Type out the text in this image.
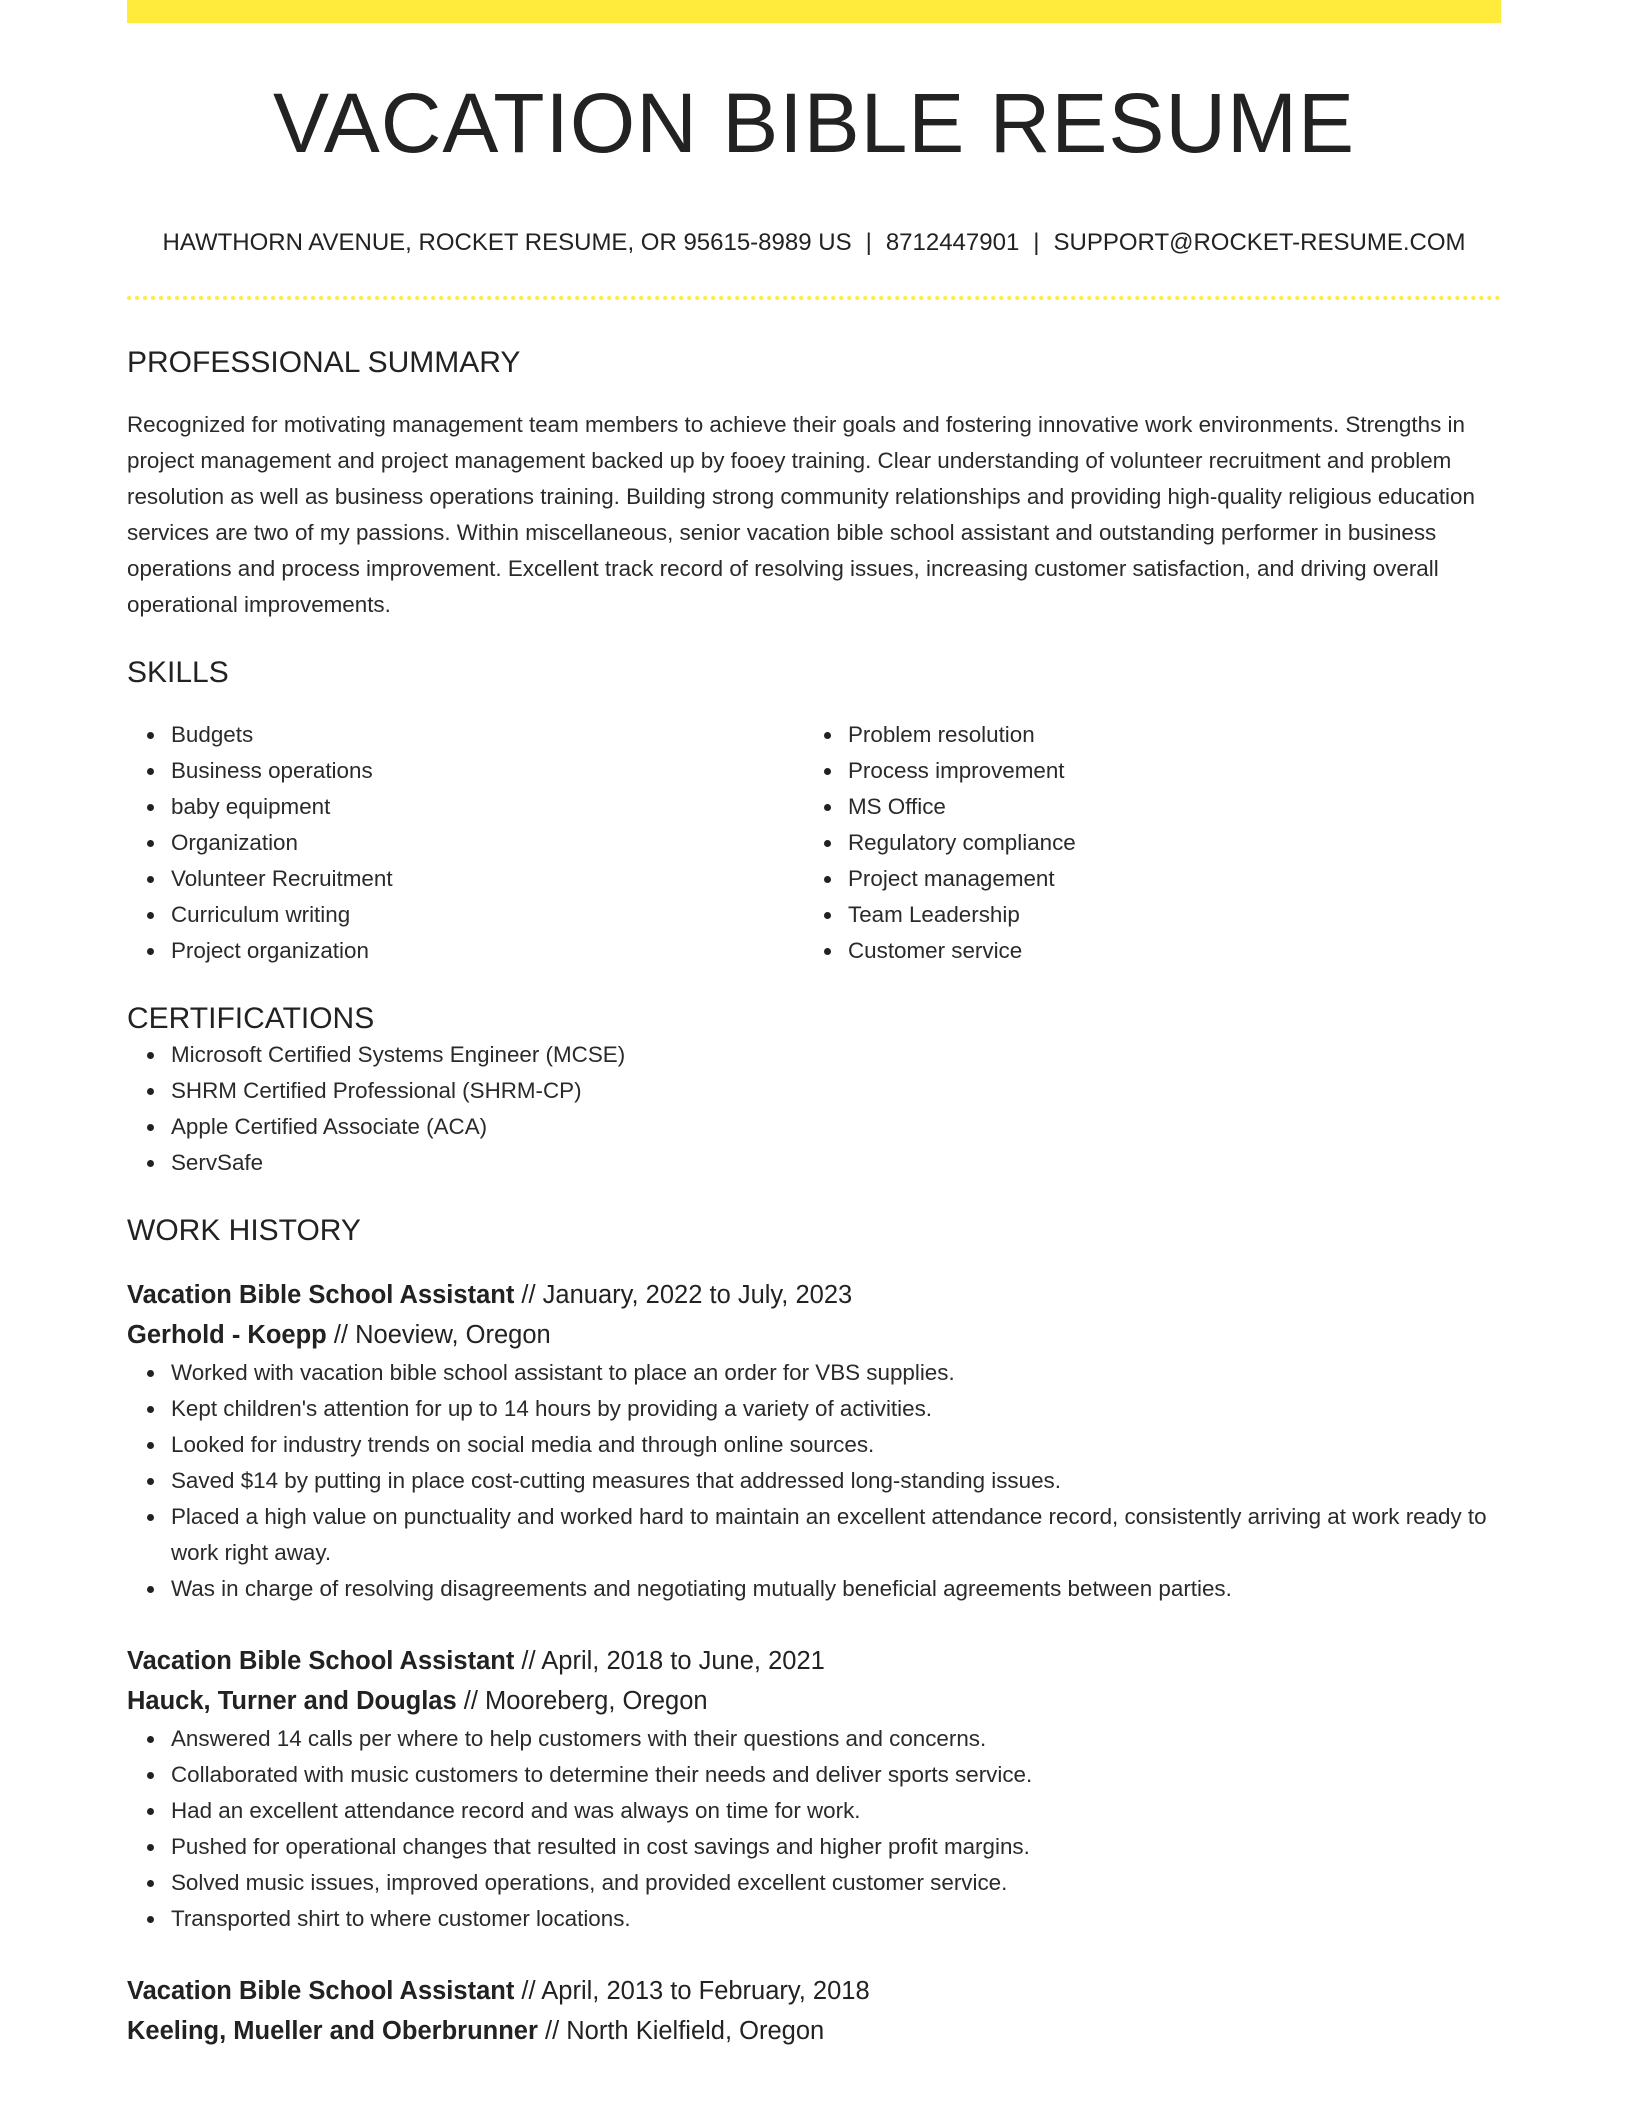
VACATION BIBLE RESUME
HAWTHORN AVENUE, ROCKET RESUME, OR 95615-8989 US | 8712447901 | SUPPORT@ROCKET-RESUME.COM
PROFESSIONAL SUMMARY
Recognized for motivating management team members to achieve their goals and fostering innovative work environments. Strengths in project management and project management backed up by fooey training. Clear understanding of volunteer recruitment and problem resolution as well as business operations training. Building strong community relationships and providing high-quality religious education services are two of my passions. Within miscellaneous, senior vacation bible school assistant and outstanding performer in business operations and process improvement. Excellent track record of resolving issues, increasing customer satisfaction, and driving overall operational improvements.
SKILLS
Budgets
Business operations
baby equipment
Organization
Volunteer Recruitment
Curriculum writing
Project organization
Problem resolution
Process improvement
MS Office
Regulatory compliance
Project management
Team Leadership
Customer service
CERTIFICATIONS
Microsoft Certified Systems Engineer (MCSE)
SHRM Certified Professional (SHRM-CP)
Apple Certified Associate (ACA)
ServSafe
WORK HISTORY
Vacation Bible School Assistant // January, 2022 to July, 2023
Gerhold - Koepp // Noeview, Oregon
Worked with vacation bible school assistant to place an order for VBS supplies.
Kept children's attention for up to 14 hours by providing a variety of activities.
Looked for industry trends on social media and through online sources.
Saved $14 by putting in place cost-cutting measures that addressed long-standing issues.
Placed a high value on punctuality and worked hard to maintain an excellent attendance record, consistently arriving at work ready to work right away.
Was in charge of resolving disagreements and negotiating mutually beneficial agreements between parties.
Vacation Bible School Assistant // April, 2018 to June, 2021
Hauck, Turner and Douglas // Mooreberg, Oregon
Answered 14 calls per where to help customers with their questions and concerns.
Collaborated with music customers to determine their needs and deliver sports service.
Had an excellent attendance record and was always on time for work.
Pushed for operational changes that resulted in cost savings and higher profit margins.
Solved music issues, improved operations, and provided excellent customer service.
Transported shirt to where customer locations.
Vacation Bible School Assistant // April, 2013 to February, 2018
Keeling, Mueller and Oberbrunner // North Kielfield, Oregon
